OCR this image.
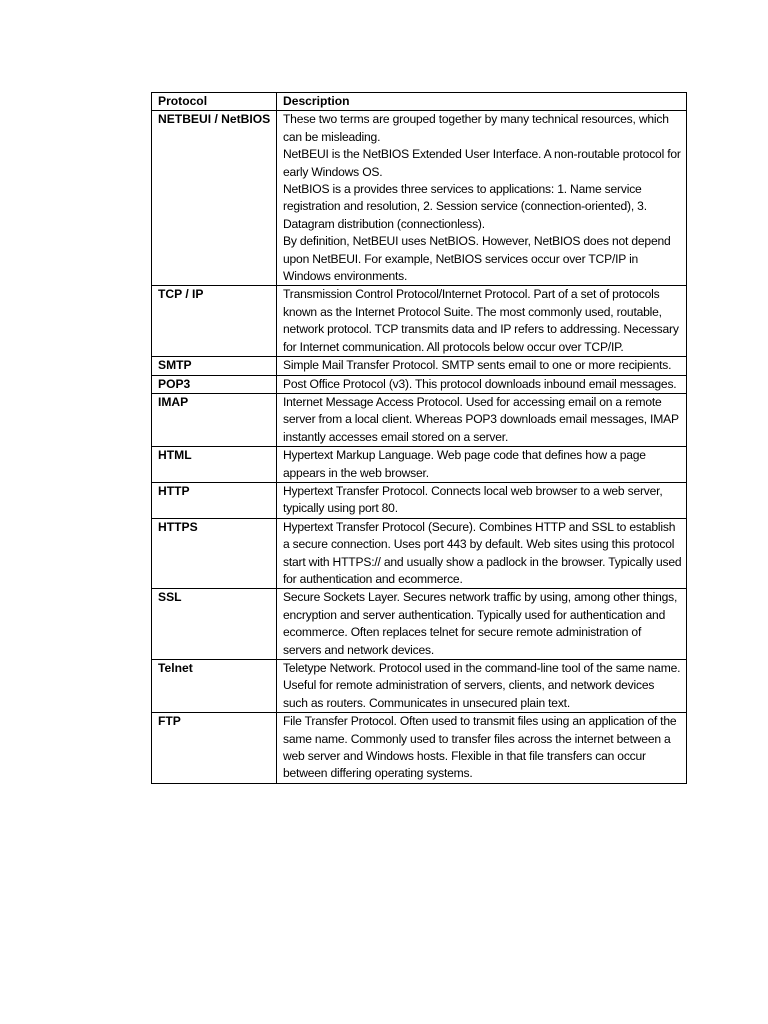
Protocol	Description
NETBEUI / NetBIOS	These two terms are grouped together by many technical resources, which can be misleading.
NetBEUI is the NetBIOS Extended User Interface. A non-routable protocol for early Windows OS.
NetBIOS is a provides three services to applications: 1. Name service registration and resolution, 2. Session service (connection-oriented), 3. Datagram distribution (connectionless).
By definition, NetBEUI uses NetBIOS. However, NetBIOS does not depend upon NetBEUI. For example, NetBIOS services occur over TCP/IP in Windows environments.

TCP / IP	Transmission Control Protocol/Internet Protocol. Part of a set of protocols known as the Internet Protocol Suite. The most commonly used, routable, network protocol. TCP transmits data and IP refers to addressing. Necessary for Internet communication. All protocols below occur over TCP/IP.

SMTP	Simple Mail Transfer Protocol. SMTP sents email to one or more recipients.

POP3	Post Office Protocol (v3). This protocol downloads inbound email messages.

IMAP	Internet Message Access Protocol. Used for accessing email on a remote server from a local client. Whereas POP3 downloads email messages, IMAP instantly accesses email stored on a server.

HTML	Hypertext Markup Language. Web page code that defines how a page appears in the web browser.

HTTP	Hypertext Transfer Protocol. Connects local web browser to a web server, typically using port 80.

HTTPS	Hypertext Transfer Protocol (Secure). Combines HTTP and SSL to establish a secure connection. Uses port 443 by default. Web sites using this protocol start with HTTPS:// and usually show a padlock in the browser. Typically used for authentication and ecommerce.

SSL	Secure Sockets Layer. Secures network traffic by using, among other things, encryption and server authentication. Typically used for authentication and ecommerce. Often replaces telnet for secure remote administration of servers and network devices.

Telnet	Teletype Network. Protocol used in the command-line tool of the same name. Useful for remote administration of servers, clients, and network devices such as routers. Communicates in unsecured plain text.

FTP	File Transfer Protocol. Often used to transmit files using an application of the same name. Commonly used to transfer files across the internet between a web server and Windows hosts. Flexible in that file transfers can occur between differing operating systems.
